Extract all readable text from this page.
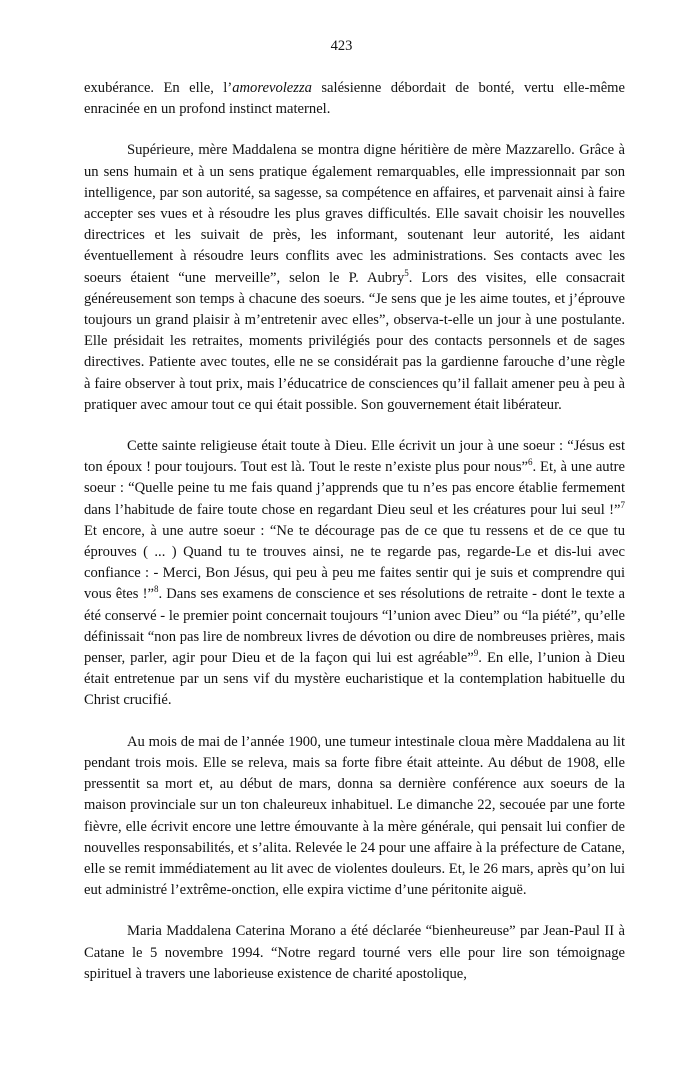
423

exubérance. En elle, l’amorevolezza salésienne débordait de bonté, vertu elle-même enracinée en un profond instinct maternel.

Supérieure, mère Maddalena se montra digne héritière de mère Mazzarello. Grâce à un sens humain et à un sens pratique également remarquables, elle impressionnait par son intelligence, par son autorité, sa sagesse, sa compétence en affaires, et parvenait ainsi à faire accepter ses vues et à résoudre les plus graves difficultés. Elle savait choisir les nouvelles directrices et les suivait de près, les informant, soutenant leur autorité, les aidant éventuellement à résoudre leurs conflits avec les administrations. Ses contacts avec les soeurs étaient “une merveille”, selon le P. Aubry$^5$. Lors des visites, elle consacrait généreusement son temps à chacune des soeurs. “Je sens que je les aime toutes, et j’éprouve toujours un grand plaisir à m’entretenir avec elles”, observa-t-elle un jour à une postulante. Elle présidait les retraites, moments privilégiés pour des contacts personnels et de sages directives. Patiente avec toutes, elle ne se considérait pas la gardienne farouche d’une règle à faire observer à tout prix, mais l’éducatrice de consciences qu’il fallait amener peu à peu à pratiquer avec amour tout ce qui était possible. Son gouvernement était libérateur.

Cette sainte religieuse était toute à Dieu. Elle écrivit un jour à une soeur : “Jésus est ton époux ! pour toujours. Tout est là. Tout le reste n’existe plus pour nous”$^6$. Et, à une autre soeur : “Quelle peine tu me fais quand j’apprends que tu n’es pas encore établie fermement dans l’habitude de faire toute chose en regardant Dieu seul et les créatures pour lui seul !”$^7$ Et encore, à une autre soeur : “Ne te décourage pas de ce que tu ressens et de ce que tu éprouves ( ... ) Quand tu te trouves ainsi, ne te regarde pas, regarde-Le et dis-lui avec confiance : - Merci, Bon Jésus, qui peu à peu me faites sentir qui je suis et comprendre qui vous êtes !”$^8$. Dans ses examens de conscience et ses résolutions de retraite - dont le texte a été conservé - le premier point concernait toujours “l’union avec Dieu” ou “la piété”, qu’elle définissait “non pas lire de nombreux livres de dévotion ou dire de nombreuses prières, mais penser, parler, agir pour Dieu et de la façon qui lui est agréable”$^9$. En elle, l’union à Dieu était entretenue par un sens vif du mystère eucharistique et la contemplation habituelle du Christ crucifié.

Au mois de mai de l’année 1900, une tumeur intestinale cloua mère Maddalena au lit pendant trois mois. Elle se releva, mais sa forte fibre était atteinte. Au début de 1908, elle pressentit sa mort et, au début de mars, donna sa dernière conférence aux soeurs de la maison provinciale sur un ton chaleureux inhabituel. Le dimanche 22, secouée par une forte fièvre, elle écrivit encore une lettre émouvante à la mère générale, qui pensait lui confier de nouvelles responsabilités, et s’alita. Relevée le 24 pour une affaire à la préfecture de Catane, elle se remit immédiatement au lit avec de violentes douleurs. Et, le 26 mars, après qu’on lui eut administré l’extrême-onction, elle expira victime d’une péritonite aiguë.

Maria Maddalena Caterina Morano a été déclarée “bienheureuse” par Jean-Paul II à Catane le 5 novembre 1994. “Notre regard tourné vers elle pour lire son témoignage spirituel à travers une laborieuse existence de charité apostolique,
